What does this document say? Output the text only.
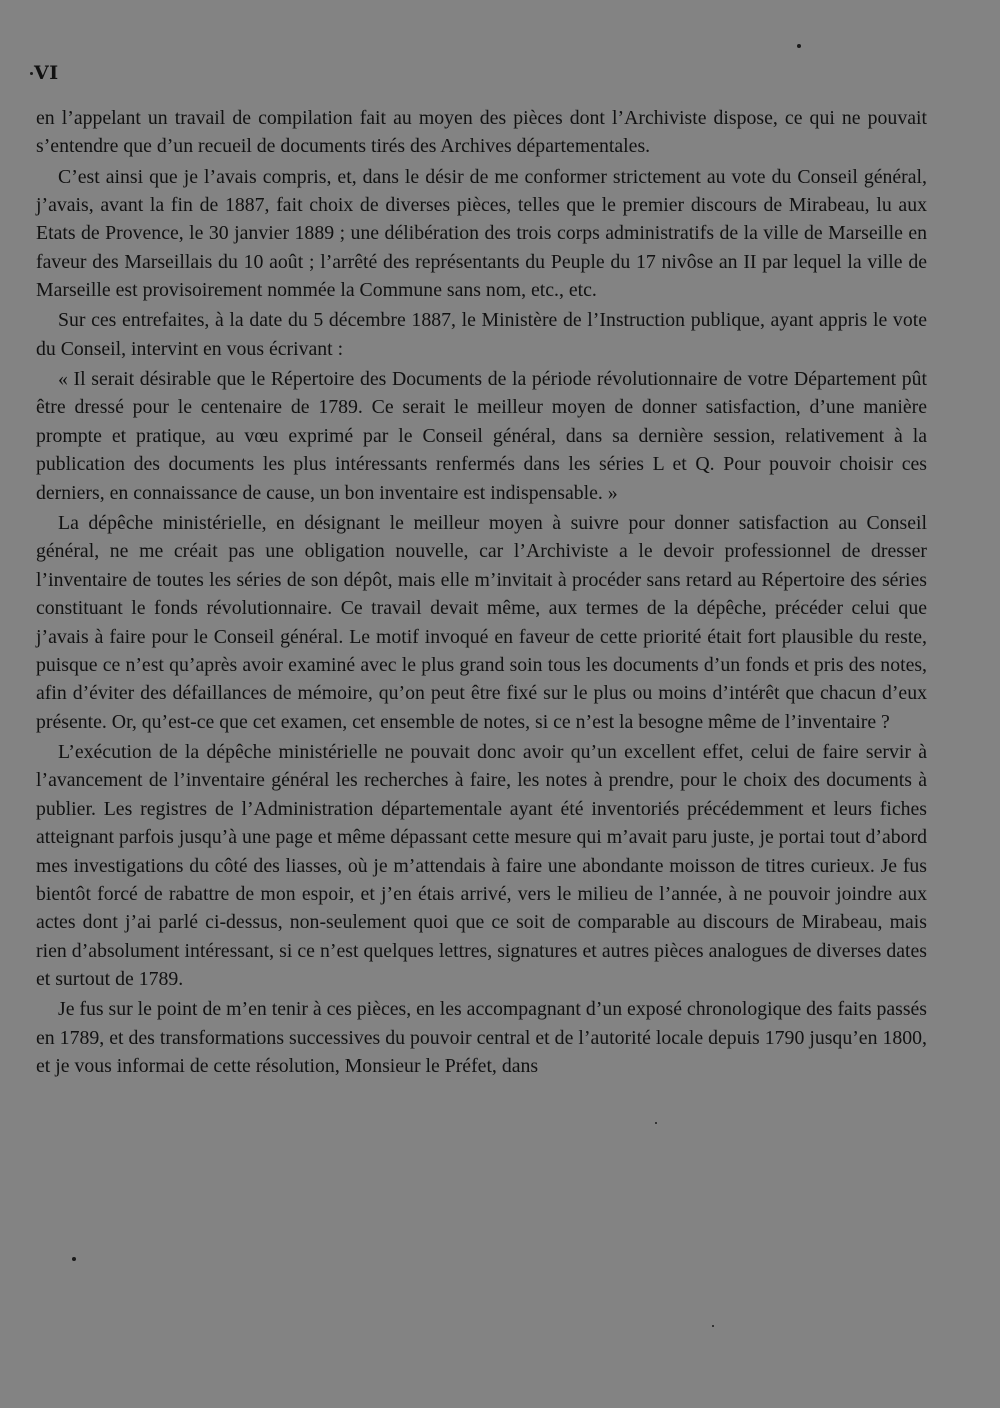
VI

en l’appelant un travail de compilation fait au moyen des pièces dont l’Archiviste dispose, ce qui ne pouvait s’entendre que d’un recueil de documents tirés des Archives départementales.

C’est ainsi que je l’avais compris, et, dans le désir de me conformer strictement au vote du Conseil général, j’avais, avant la fin de 1887, fait choix de diverses pièces, telles que le premier discours de Mirabeau, lu aux Etats de Provence, le 30 janvier 1889 ; une délibération des trois corps administratifs de la ville de Marseille en faveur des Marseillais du 10 août ; l’arrêté des représentants du Peuple du 17 nivôse an II par lequel la ville de Marseille est provisoirement nommée la Commune sans nom, etc., etc.

Sur ces entrefaites, à la date du 5 décembre 1887, le Ministère de l’Instruction publique, ayant appris le vote du Conseil, intervint en vous écrivant :

« Il serait désirable que le Répertoire des Documents de la période révolutionnaire de votre Département pût être dressé pour le centenaire de 1789. Ce serait le meilleur moyen de donner satisfaction, d’une manière prompte et pratique, au vœu exprimé par le Conseil général, dans sa dernière session, relativement à la publication des documents les plus intéressants renfermés dans les séries L et Q. Pour pouvoir choisir ces derniers, en connaissance de cause, un bon inventaire est indispensable. »

La dépêche ministérielle, en désignant le meilleur moyen à suivre pour donner satisfaction au Conseil général, ne me créait pas une obligation nouvelle, car l’Archiviste a le devoir professionnel de dresser l’inventaire de toutes les séries de son dépôt, mais elle m’invitait à procéder sans retard au Répertoire des séries constituant le fonds révolutionnaire. Ce travail devait même, aux termes de la dépêche, précéder celui que j’avais à faire pour le Conseil général. Le motif invoqué en faveur de cette priorité était fort plausible du reste, puisque ce n’est qu’après avoir examiné avec le plus grand soin tous les documents d’un fonds et pris des notes, afin d’éviter des défaillances de mémoire, qu’on peut être fixé sur le plus ou moins d’intérêt que chacun d’eux présente. Or, qu’est-ce que cet examen, cet ensemble de notes, si ce n’est la besogne même de l’inventaire ?

L’exécution de la dépêche ministérielle ne pouvait donc avoir qu’un excellent effet, celui de faire servir à l’avancement de l’inventaire général les recherches à faire, les notes à prendre, pour le choix des documents à publier. Les registres de l’Administration départementale ayant été inventoriés précédemment et leurs fiches atteignant parfois jusqu’à une page et même dépassant cette mesure qui m’avait paru juste, je portai tout d’abord mes investigations du côté des liasses, où je m’attendais à faire une abondante moisson de titres curieux. Je fus bientôt forcé de rabattre de mon espoir, et j’en étais arrivé, vers le milieu de l’année, à ne pouvoir joindre aux actes dont j’ai parlé ci-dessus, non-seulement quoi que ce soit de comparable au discours de Mirabeau, mais rien d’absolument intéressant, si ce n’est quelques lettres, signatures et autres pièces analogues de diverses dates et surtout de 1789.

Je fus sur le point de m’en tenir à ces pièces, en les accompagnant d’un exposé chronologique des faits passés en 1789, et des transformations successives du pouvoir central et de l’autorité locale depuis 1790 jusqu’en 1800, et je vous informai de cette résolution, Monsieur le Préfet, dans
